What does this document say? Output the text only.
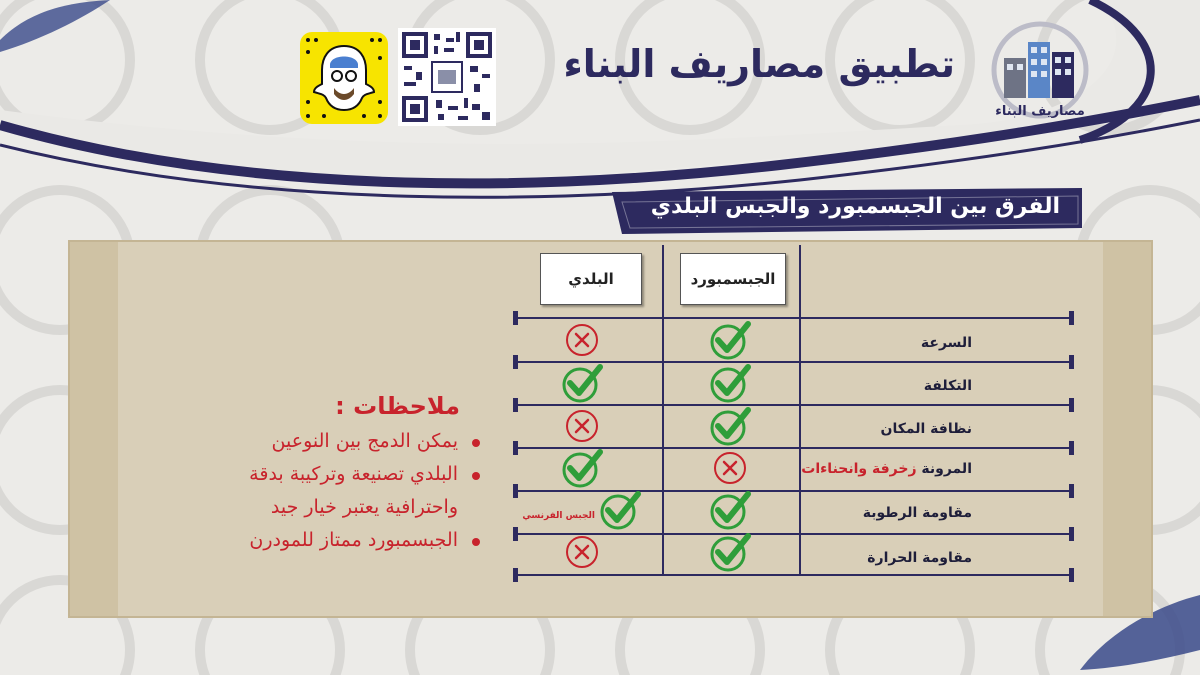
مصاريف البناء
تطبيق مصاريف البناء
الفرق بين الجبسمبورد والجبس البلدي
الجبسمبورد
البلدي
السرعة
التكلفة
نظافة المكان
المرونة زخرفة وانحناءات
مقاومة الرطوبة
مقاومة الحرارة
الجبس الفرنسي
ملاحظات :
يمكن الدمج بين النوعين
البلدي تصنيعة وتركيبة بدقة
واحترافية يعتبر خيار جيد
الجبسمبورد ممتاز للمودرن
